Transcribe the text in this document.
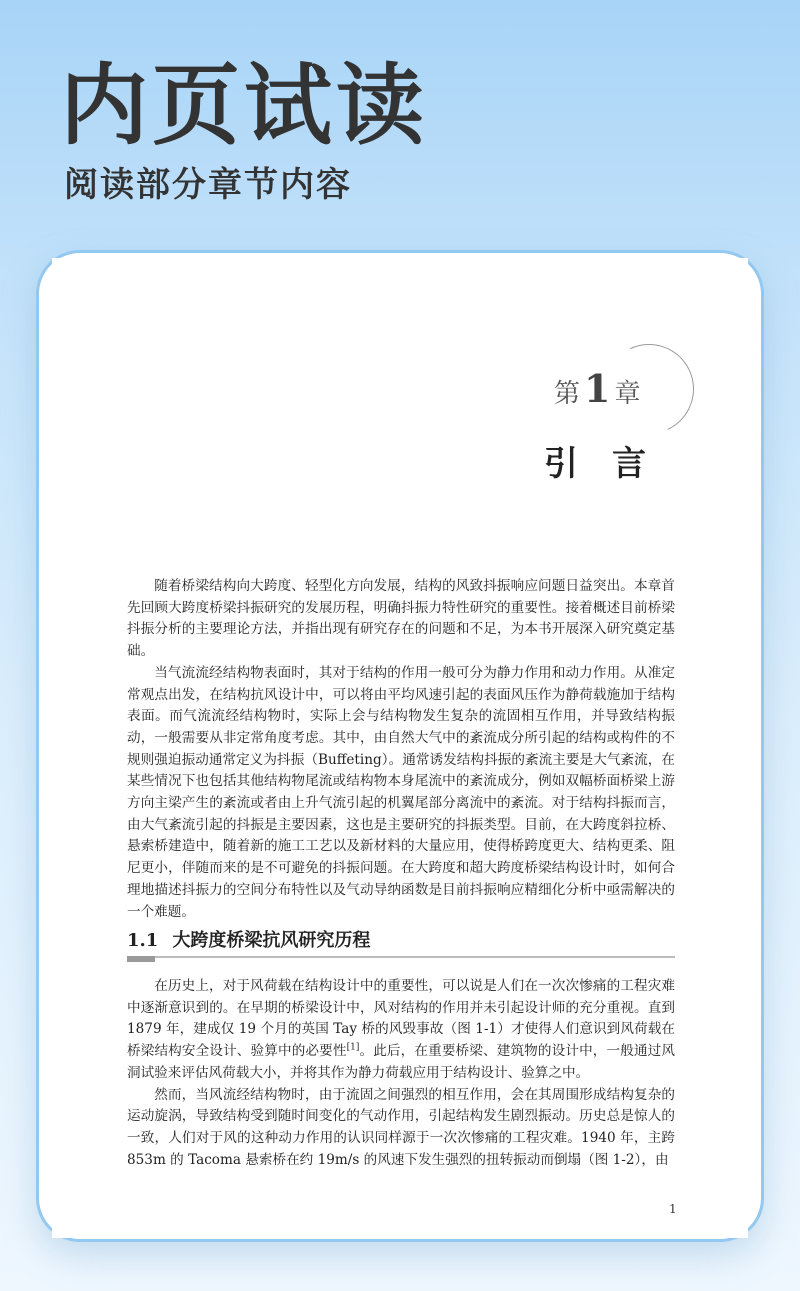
内页试读
阅读部分章节内容
第 1 章
引言

随着桥梁结构向大跨度、轻型化方向发展，结构的风致抖振响应问题日益突出。本章首先回顾大跨度桥梁抖振研究的发展历程，明确抖振力特性研究的重要性。接着概述目前桥梁抖振分析的主要理论方法，并指出现有研究存在的问题和不足，为本书开展深入研究奠定基础。

当气流流经结构物表面时，其对于结构的作用一般可分为静力作用和动力作用。从准定常观点出发，在结构抗风设计中，可以将由平均风速引起的表面风压作为静荷载施加于结构表面。而气流流经结构物时，实际上会与结构物发生复杂的流固相互作用，并导致结构振动，一般需要从非定常角度考虑。其中，由自然大气中的紊流成分所引起的结构或构件的不规则强迫振动通常定义为抖振（Buffeting）。通常诱发结构抖振的紊流主要是大气紊流，在某些情况下也包括其他结构物尾流或结构物本身尾流中的紊流成分，例如双幅桥面桥梁上游方向主梁产生的紊流或者由上升气流引起的机翼尾部分离流中的紊流。对于结构抖振而言，由大气紊流引起的抖振是主要因素，这也是主要研究的抖振类型。目前，在大跨度斜拉桥、悬索桥建造中，随着新的施工工艺以及新材料的大量应用，使得桥跨度更大、结构更柔、阻尼更小，伴随而来的是不可避免的抖振问题。在大跨度和超大跨度桥梁结构设计时，如何合理地描述抖振力的空间分布特性以及气动导纳函数是目前抖振响应精细化分析中亟需解决的一个难题。

1.1 大跨度桥梁抗风研究历程

在历史上，对于风荷载在结构设计中的重要性，可以说是人们在一次次惨痛的工程灾难中逐渐意识到的。在早期的桥梁设计中，风对结构的作用并未引起设计师的充分重视。直到 1879 年，建成仅 19 个月的英国 Tay 桥的风毁事故（图 1-1）才使得人们意识到风荷载在桥梁结构安全设计、验算中的必要性[1]。此后，在重要桥梁、建筑物的设计中，一般通过风洞试验来评估风荷载大小，并将其作为静力荷载应用于结构设计、验算之中。

然而，当风流经结构物时，由于流固之间强烈的相互作用，会在其周围形成结构复杂的运动旋涡，导致结构受到随时间变化的气动作用，引起结构发生剧烈振动。历史总是惊人的一致，人们对于风的这种动力作用的认识同样源于一次次惨痛的工程灾难。1940 年，主跨 853m 的 Tacoma 悬索桥在约 19m/s 的风速下发生强烈的扭转振动而倒塌（图 1-2），由

1
